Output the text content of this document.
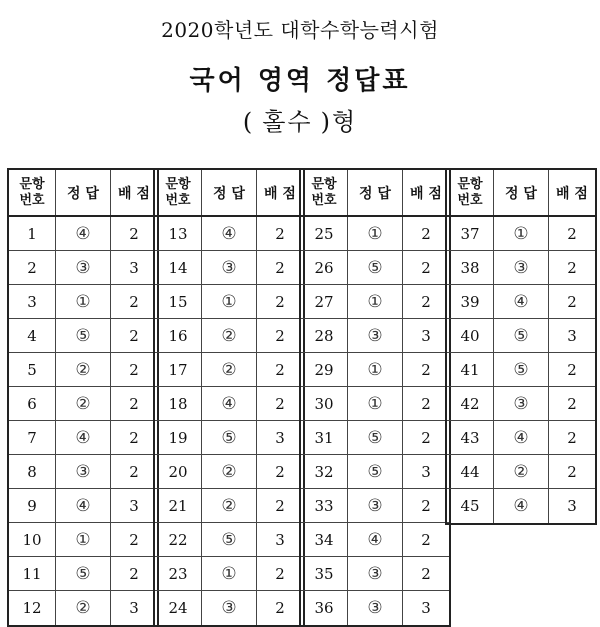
2020학년도 대학수학능력시험
국어 영역 정답표
( 홀수 )형
문항
번호	정 답	배 점
1	④	2
2	③	3
3	①	2
4	⑤	2
5	②	2
6	②	2
7	④	2
8	③	2
9	④	3
10	①	2
11	⑤	2
12	②	3
문항
번호	정 답	배 점
13	④	2
14	③	2
15	①	2
16	②	2
17	②	2
18	④	2
19	⑤	3
20	②	2
21	②	2
22	⑤	3
23	①	2
24	③	2
문항
번호	정 답	배 점
25	①	2
26	⑤	2
27	①	2
28	③	3
29	①	2
30	①	2
31	⑤	2
32	⑤	3
33	③	2
34	④	2
35	③	2
36	③	3
문항
번호	정 답	배 점
37	①	2
38	③	2
39	④	2
40	⑤	3
41	⑤	2
42	③	2
43	④	2
44	②	2
45	④	3
